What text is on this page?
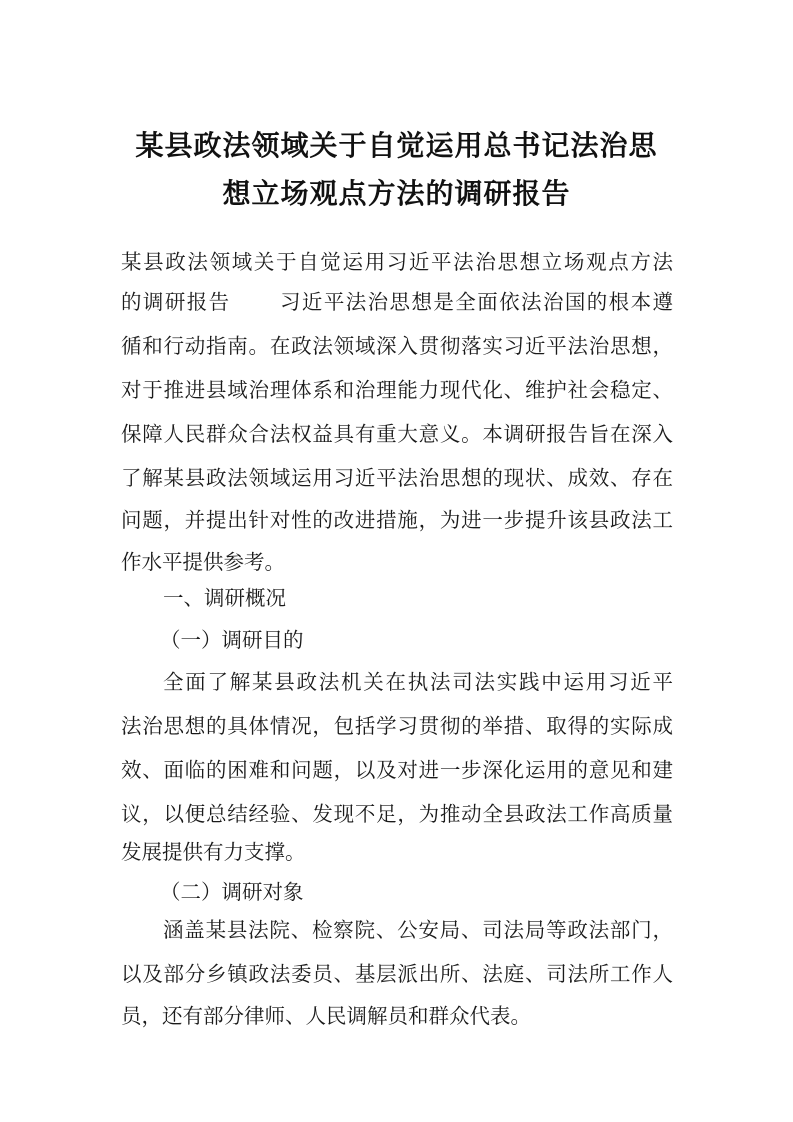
某县政法领域关于自觉运用总书记法治思
想立场观点方法的调研报告
某县政法领域关于自觉运用习近平法治思想立场观点方法
的调研报告 习近平法治思想是全面依法治国的根本遵
循和行动指南。在政法领域深入贯彻落实习近平法治思想，
对于推进县域治理体系和治理能力现代化、维护社会稳定、
保障人民群众合法权益具有重大意义。本调研报告旨在深入
了解某县政法领域运用习近平法治思想的现状、成效、存在
问题，并提出针对性的改进措施，为进一步提升该县政法工
作水平提供参考。
一、调研概况
（一）调研目的
全面了解某县政法机关在执法司法实践中运用习近平
法治思想的具体情况，包括学习贯彻的举措、取得的实际成
效、面临的困难和问题，以及对进一步深化运用的意见和建
议，以便总结经验、发现不足，为推动全县政法工作高质量
发展提供有力支撑。
（二）调研对象
涵盖某县法院、检察院、公安局、司法局等政法部门，
以及部分乡镇政法委员、基层派出所、法庭、司法所工作人
员，还有部分律师、人民调解员和群众代表。
